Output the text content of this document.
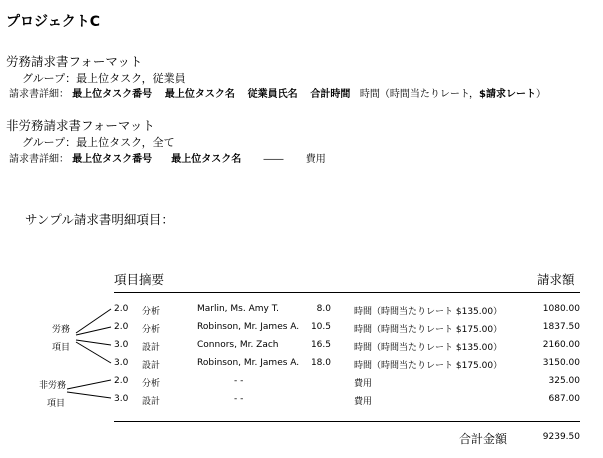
プロジェクトC
労務請求書フォーマット
グループ：最上位タスク，従業員
請求書詳細： 最上位タスク番号 最上位タスク名 従業員氏名 合計時間 時間（時間当たりレート，$請求レート）
非労務請求書フォーマット
グループ：最上位タスク，全て
請求書詳細： 最上位タスク番号 最上位タスク名 ―― 費用
サンプル請求書明細項目：
項目摘要	請求額
労務
項目
非労務
項目
2.0	分析	Marlin, Ms. Amy T.	8.0	時間（時間当たりレート $135.00）	1080.00
2.0	分析	Robinson, Mr. James A.	10.5	時間（時間当たりレート $175.00）	1837.50
3.0	設計	Connors, Mr. Zach	16.5	時間（時間当たりレート $135.00）	2160.00
3.0	設計	Robinson, Mr. James A.	18.0	時間（時間当たりレート $175.00）	3150.00
2.0	分析	- -	費用	325.00
3.0	設計	- -	費用	687.00
合計金額	9239.50
